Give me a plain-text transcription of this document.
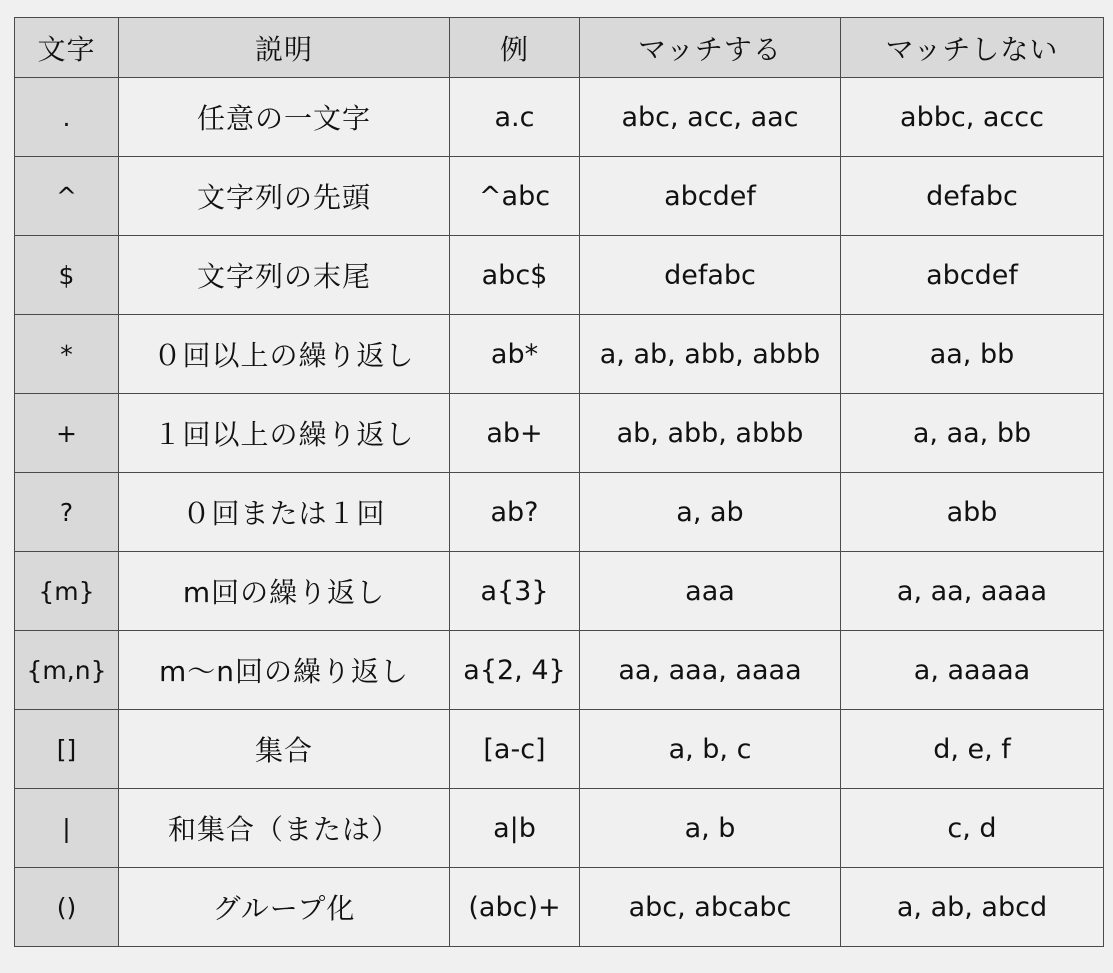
文字	説明	例	マッチする	マッチしない
.	任意の一文字	a.c	abc, acc, aac	abbc, accc
^	文字列の先頭	^abc	abcdef	defabc
$	文字列の末尾	abc$	defabc	abcdef
*	０回以上の繰り返し	ab*	a, ab, abb, abbb	aa, bb
+	１回以上の繰り返し	ab+	ab, abb, abbb	a, aa, bb
?	０回または１回	ab?	a, ab	abb
{m}	m回の繰り返し	a{3}	aaa	a, aa, aaaa
{m,n}	m〜n回の繰り返し	a{2, 4}	aa, aaa, aaaa	a, aaaaa
[]	集合	[a-c]	a, b, c	d, e, f
|	和集合（または）	a|b	a, b	c, d
()	グループ化	(abc)+	abc, abcabc	a, ab, abcd
